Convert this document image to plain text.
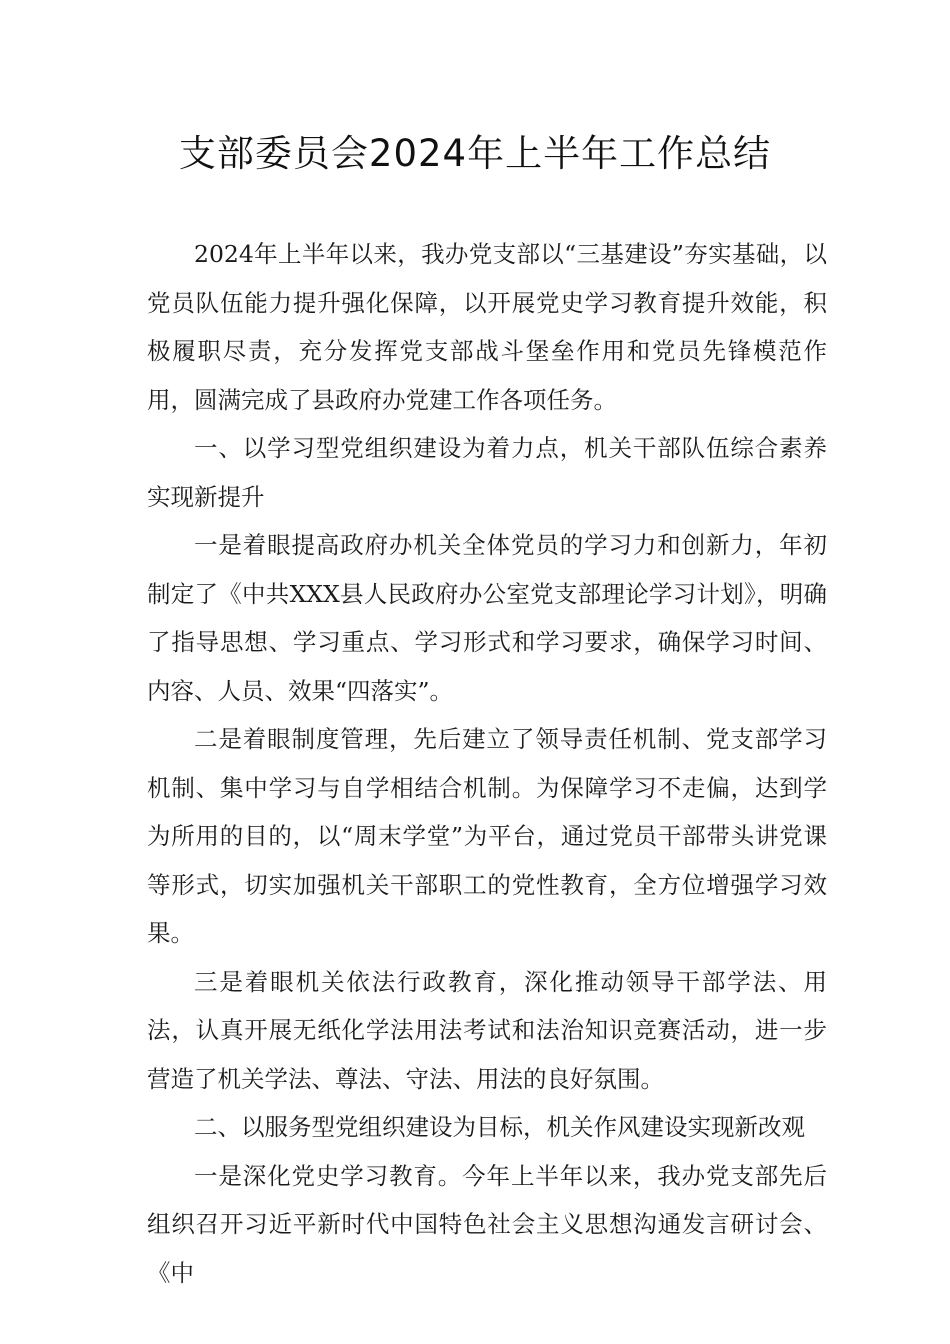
支部委员会2024年上半年工作总结

2024年上半年以来，我办党支部以“三基建设”夯实基础，以党员队伍能力提升强化保障，以开展党史学习教育提升效能，积极履职尽责，充分发挥党支部战斗堡垒作用和党员先锋模范作用，圆满完成了县政府办党建工作各项任务。

一、以学习型党组织建设为着力点，机关干部队伍综合素养实现新提升

一是着眼提高政府办机关全体党员的学习力和创新力，年初制定了《中共XXX县人民政府办公室党支部理论学习计划》，明确了指导思想、学习重点、学习形式和学习要求，确保学习时间、内容、人员、效果“四落实”。

二是着眼制度管理，先后建立了领导责任机制、党支部学习机制、集中学习与自学相结合机制。为保障学习不走偏，达到学为所用的目的，以“周末学堂”为平台，通过党员干部带头讲党课等形式，切实加强机关干部职工的党性教育，全方位增强学习效果。

三是着眼机关依法行政教育，深化推动领导干部学法、用法，认真开展无纸化学法用法考试和法治知识竞赛活动，进一步营造了机关学法、尊法、守法、用法的良好氛围。

二、以服务型党组织建设为目标，机关作风建设实现新改观

一是深化党史学习教育。今年上半年以来，我办党支部先后组织召开习近平新时代中国特色社会主义思想沟通发言研讨会、《中
